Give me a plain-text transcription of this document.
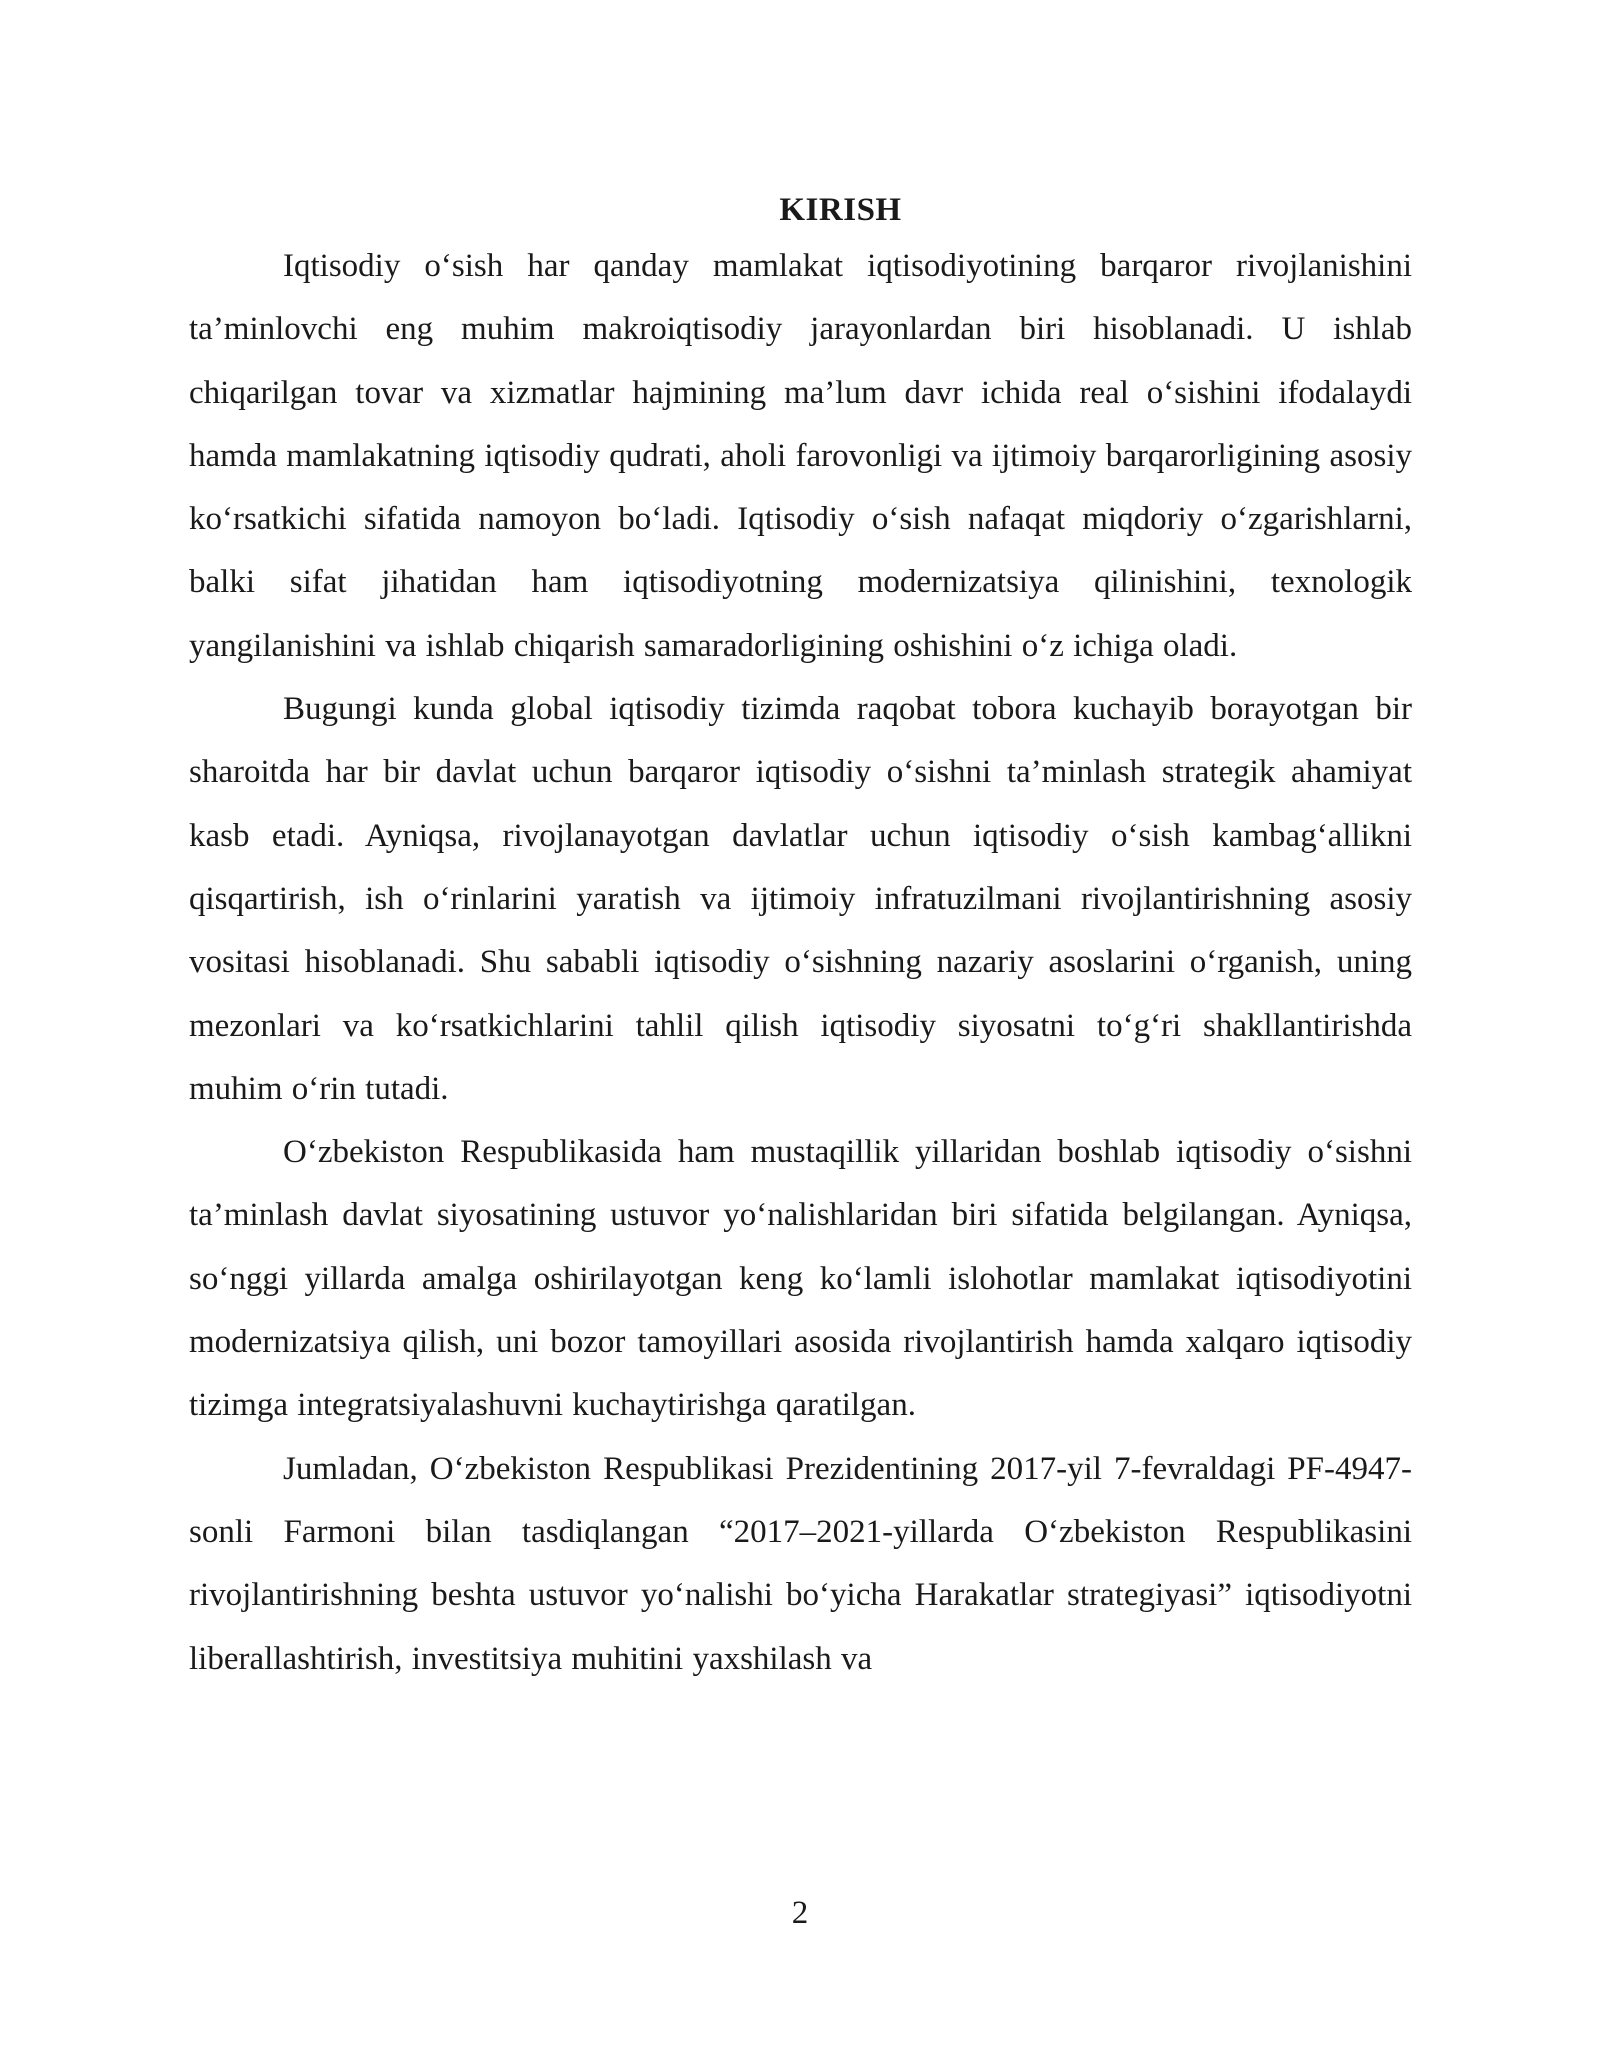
KIRISH

Iqtisodiy o‘sish har qanday mamlakat iqtisodiyotining barqaror rivojlanishini ta’minlovchi eng muhim makroiqtisodiy jarayonlardan biri hisoblanadi. U ishlab chiqarilgan tovar va xizmatlar hajmining ma’lum davr ichida real o‘sishini ifodalaydi hamda mamlakatning iqtisodiy qudrati, aholi farovonligi va ijtimoiy barqarorligining asosiy ko‘rsatkichi sifatida namoyon bo‘ladi. Iqtisodiy o‘sish nafaqat miqdoriy o‘zgarishlarni, balki sifat jihatidan ham iqtisodiyotning modernizatsiya qilinishini, texnologik yangilanishini va ishlab chiqarish samaradorligining oshishini o‘z ichiga oladi.

Bugungi kunda global iqtisodiy tizimda raqobat tobora kuchayib borayotgan bir sharoitda har bir davlat uchun barqaror iqtisodiy o‘sishni ta’minlash strategik ahamiyat kasb etadi. Ayniqsa, rivojlanayotgan davlatlar uchun iqtisodiy o‘sish kambag‘allikni qisqartirish, ish o‘rinlarini yaratish va ijtimoiy infratuzilmani rivojlantirishning asosiy vositasi hisoblanadi. Shu sababli iqtisodiy o‘sishning nazariy asoslarini o‘rganish, uning mezonlari va ko‘rsatkichlarini tahlil qilish iqtisodiy siyosatni to‘g‘ri shakllantirishda muhim o‘rin tutadi.

O‘zbekiston Respublikasida ham mustaqillik yillaridan boshlab iqtisodiy o‘sishni ta’minlash davlat siyosatining ustuvor yo‘nalishlaridan biri sifatida belgilangan. Ayniqsa, so‘nggi yillarda amalga oshirilayotgan keng ko‘lamli islohotlar mamlakat iqtisodiyotini modernizatsiya qilish, uni bozor tamoyillari asosida rivojlantirish hamda xalqaro iqtisodiy tizimga integratsiyalashuvni kuchaytirishga qaratilgan.

Jumladan, O‘zbekiston Respublikasi Prezidentining 2017-yil 7-fevraldagi PF-4947-sonli Farmoni bilan tasdiqlangan “2017–2021-yillarda O‘zbekiston Respublikasini rivojlantirishning beshta ustuvor yo‘nalishi bo‘yicha Harakatlar strategiyasi” iqtisodiyotni liberallashtirish, investitsiya muhitini yaxshilash va

2
